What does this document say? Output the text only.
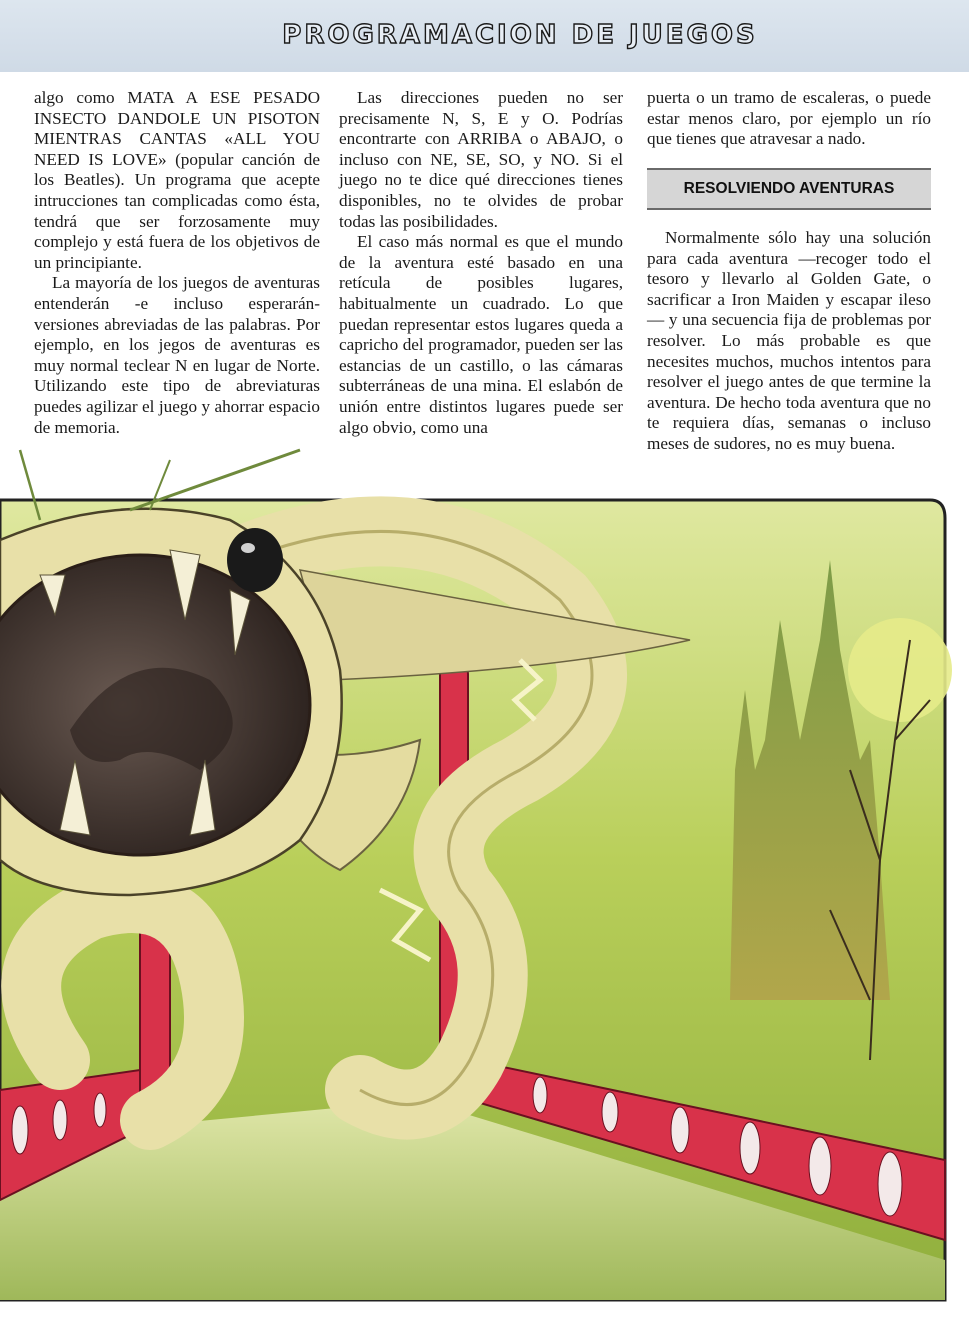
PROGRAMACION DE JUEGOS

algo como MATA A ESE PESADO INSECTO DANDOLE UN PISOTON MIENTRAS CANTAS «ALL YOU NEED IS LOVE» (popular canción de los Beatles). Un programa que acepte intrucciones tan complicadas como ésta, tendrá que ser forzosamente muy complejo y está fuera de los objetivos de un principiante.

La mayoría de los juegos de aventuras entenderán -e incluso esperarán- versiones abreviadas de las palabras. Por ejemplo, en los jegos de aventuras es muy normal teclear N en lugar de Norte. Utilizando este tipo de abreviaturas puedes agilizar el juego y ahorrar espacio de memoria.

Las direcciones pueden no ser precisamente N, S, E y O. Podrías encontrarte con ARRIBA o ABAJO, o incluso con NE, SE, SO, y NO. Si el juego no te dice qué direcciones tienes disponibles, no te olvides de probar todas las posibilidades.

El caso más normal es que el mundo de la aventura esté basado en una retícula de posibles lugares, habitualmente un cuadrado. Lo que puedan representar estos lugares queda a capricho del programador, pueden ser las estancias de un castillo, o las cámaras subterráneas de una mina. El eslabón de unión entre distintos lugares puede ser algo obvio, como una

puerta o un tramo de escaleras, o puede estar menos claro, por ejemplo un río que tienes que atravesar a nado.

RESOLVIENDO AVENTURAS

Normalmente sólo hay una solución para cada aventura —recoger todo el tesoro y llevarlo al Golden Gate, o sacrificar a Iron Maiden y escapar ileso— y una secuencia fija de problemas por resolver. Lo más probable es que necesites muchos, muchos intentos para resolver el juego antes de que termine la aventura. De hecho toda aventura que no te requiera días, semanas o incluso meses de sudores, no es muy buena.
